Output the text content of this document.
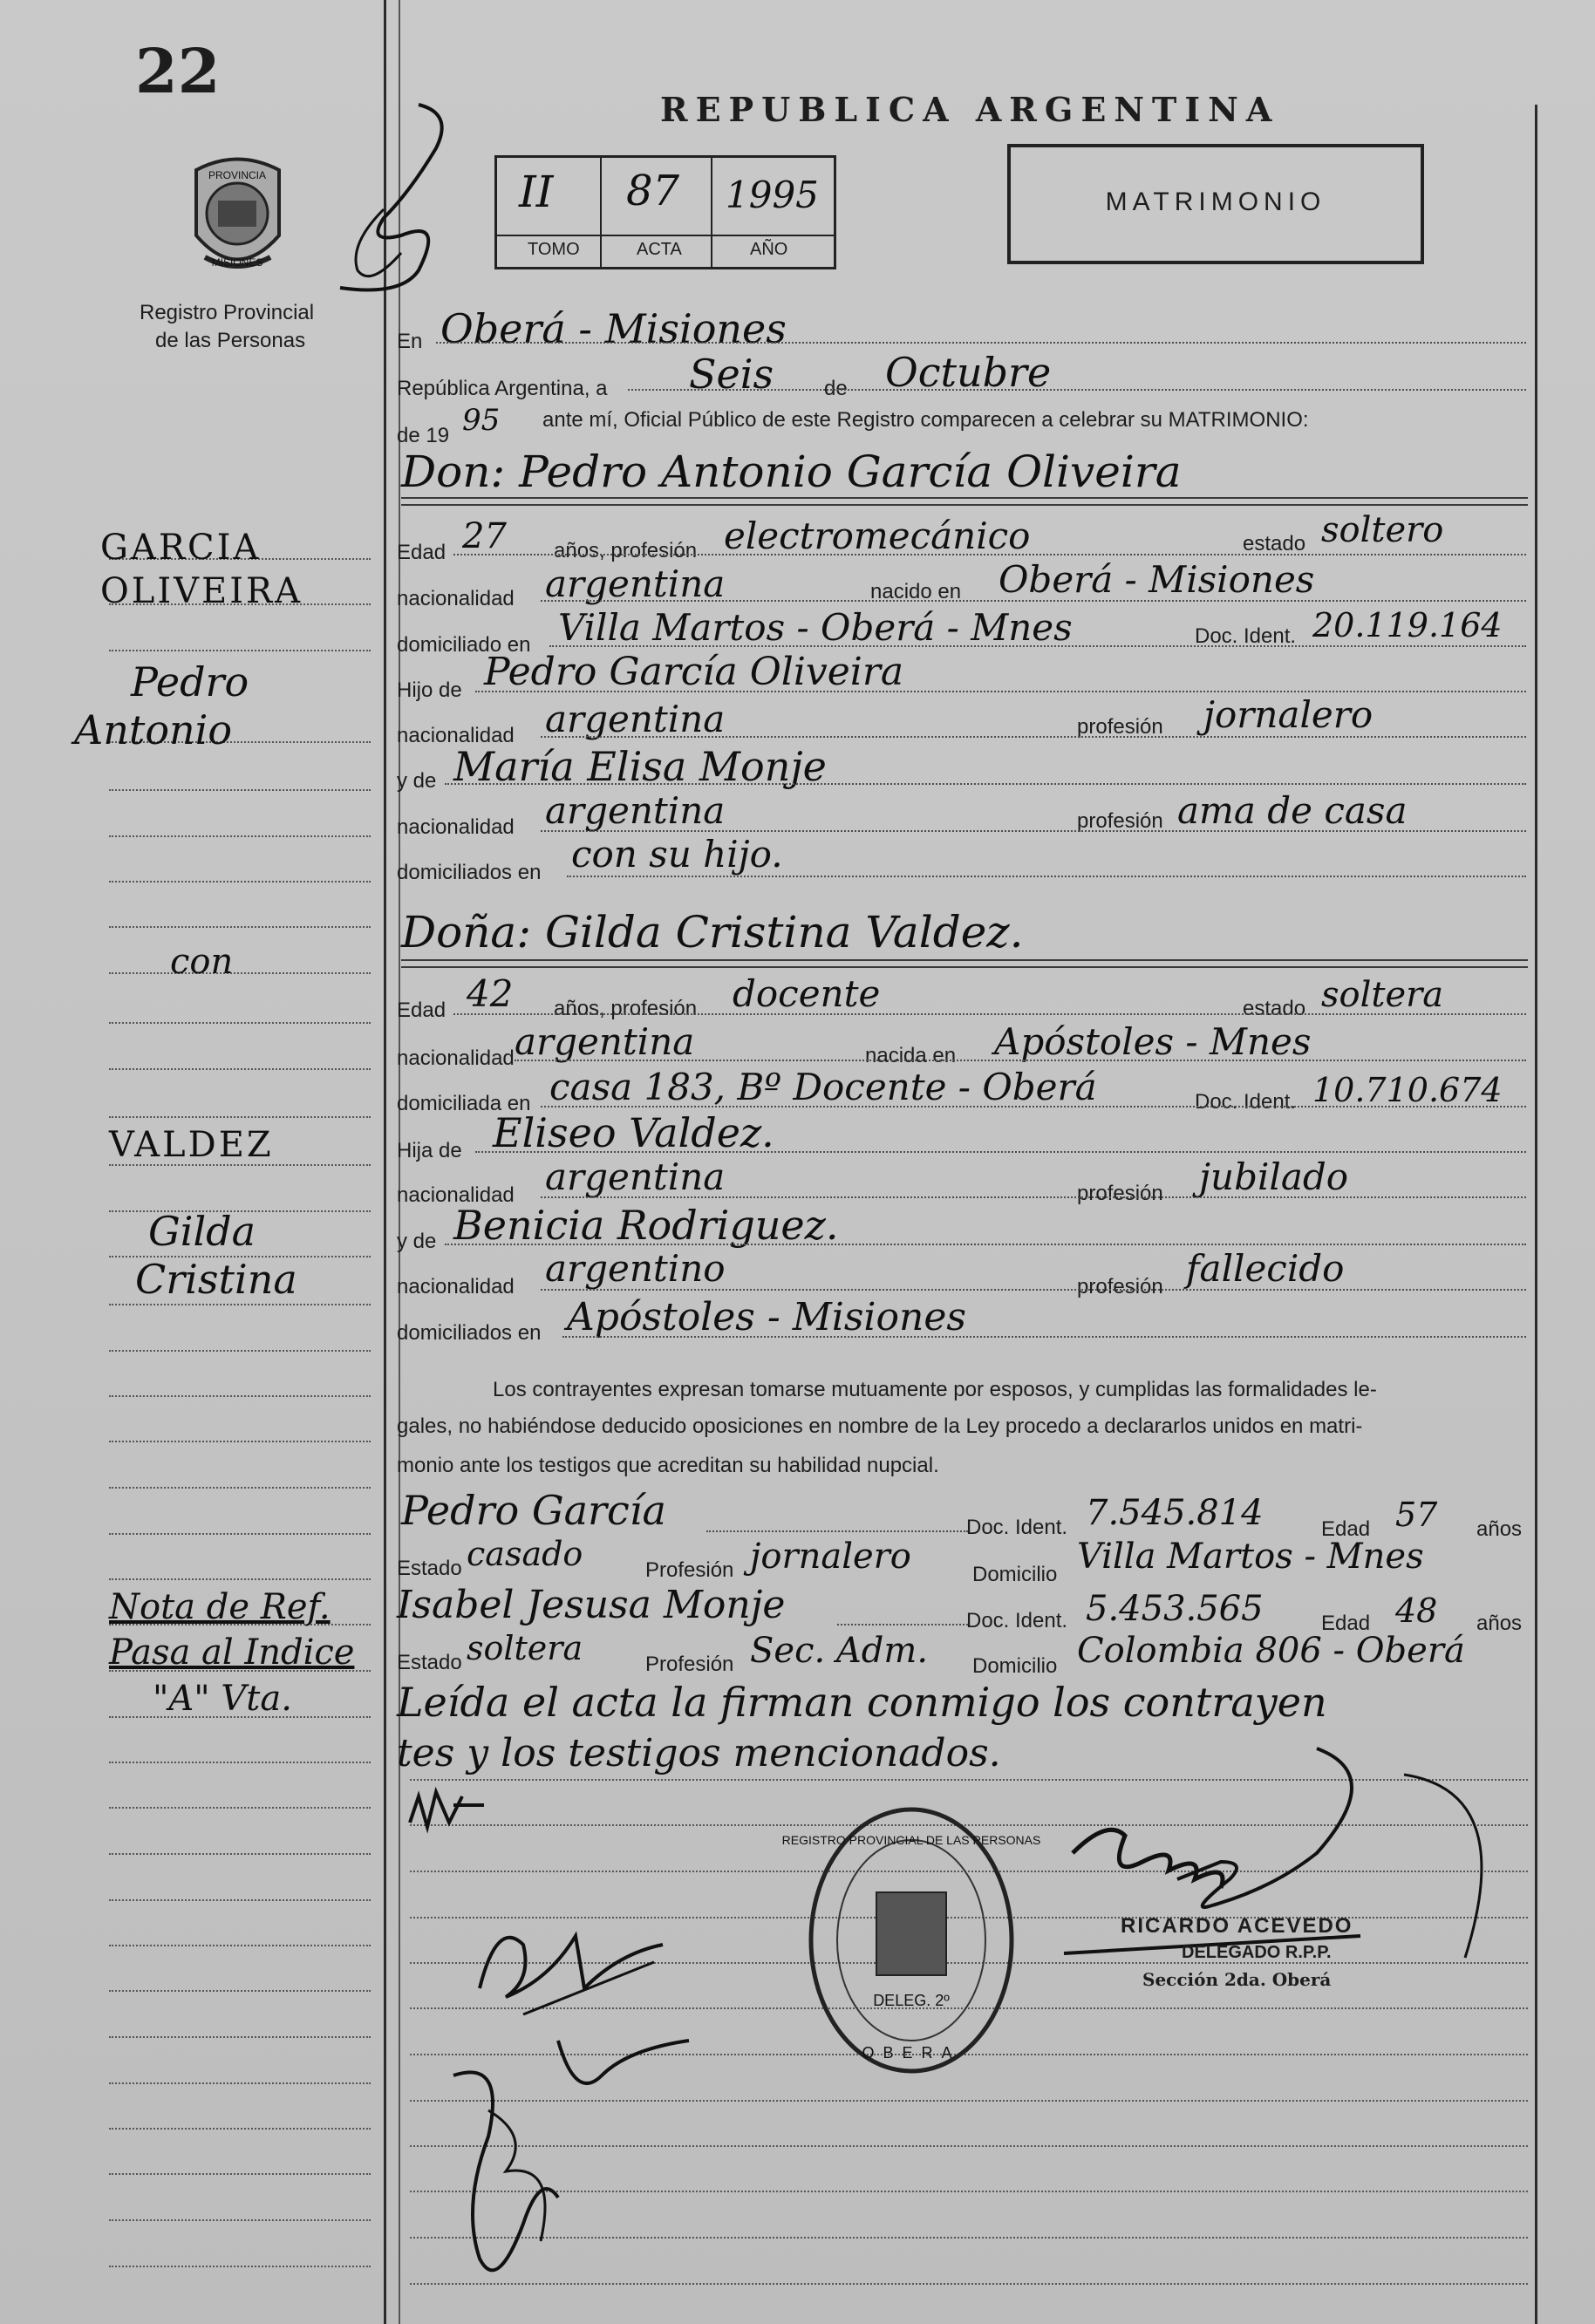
22
PROVINCIA
MISIONES
Registro Provincial
de las Personas
REPUBLICA ARGENTINA
II 87 1995
TOMO	ACTA	AÑO
MATRIMONIO
GARCIA
OLIVEIRA
Pedro
Antonio
con
VALDEZ
Gilda
Cristina
Nota de Ref.
Pasa al Indice
"A" Vta.
En Oberá - Misiones
República Argentina, a Seis de Octubre
de 19 95 ante mí, Oficial Público de este Registro comparecen a celebrar su MATRIMONIO:
Don: Pedro Antonio García Oliveira
Edad 27 años, profesión electromecánico	estado soltero
nacionalidad argentina	nacido en Oberá - Misiones
domiciliado en Villa Martos - Oberá - Mnes	Doc. Ident. 20.119.164
Hijo de Pedro García Oliveira
nacionalidad argentina	profesión jornalero
y de María Elisa Monje
nacionalidad argentina	profesión ama de casa
domiciliados en con su hijo.
Doña: Gilda Cristina Valdez.
Edad 42 años, profesión docente	estado soltera
nacionalidad argentina	nacida en Apóstoles - Mnes
domiciliada en casa 183, Bº Docente - Oberá	Doc. Ident. 10.710.674
Hija de Eliseo Valdez.
nacionalidad argentina	profesión jubilado
y de Benicia Rodriguez.
nacionalidad argentino	profesión fallecido
domiciliados en Apóstoles - Misiones
Los contrayentes expresan tomarse mutuamente por esposos, y cumplidas las formalidades le-
gales, no habiéndose deducido oposiciones en nombre de la Ley procedo a declararlos unidos en matri-
monio ante los testigos que acreditan su habilidad nupcial.
Pedro García	Doc. Ident. 7.545.814	Edad 57 años
Estado casado	Profesión jornalero	Domicilio Villa Martos - Mnes
Isabel Jesusa Monje	Doc. Ident. 5.453.565	Edad 48 años
Estado soltera	Profesión Sec. Adm. Domicilio Colombia 806 - Oberá
Leída el acta la firman conmigo los contrayen
tes y los testigos mencionados.
DELEG. 2º
OBERA
REGISTRO PROVINCIAL DE LAS PERSONAS
RICARDO ACEVEDO
DELEGADO R.P.P.
Sección 2da. Oberá
